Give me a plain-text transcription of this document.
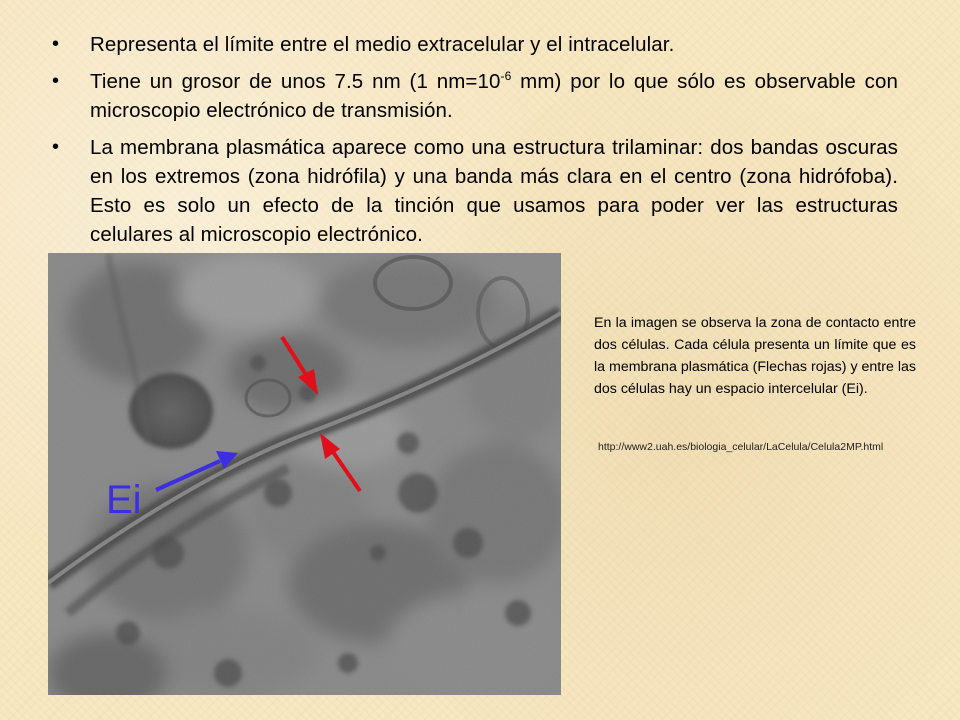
• Representa el límite entre el medio extracelular y el intracelular.
• Tiene un grosor de unos 7.5 nm (1 $nm=10^{-6}$ mm) por lo que sólo es observable con microscopio electrónico de transmisión.
• La membrana plasmática aparece como una estructura trilaminar: dos bandas oscuras en los extremos (zona hidrófila) y una banda más clara en el centro (zona hidrófoba). Esto es solo un efecto de la tinción que usamos para poder ver las estructuras celulares al microscopio electrónico.
Ei
En la imagen se observa la zona de contacto entre dos células. Cada célula presenta un límite que es la membrana plasmática (Flechas rojas) y entre las dos células hay un espacio intercelular (Ei).
http://www2.uah.es/biologia_celular/LaCelula/Celula2MP.html
